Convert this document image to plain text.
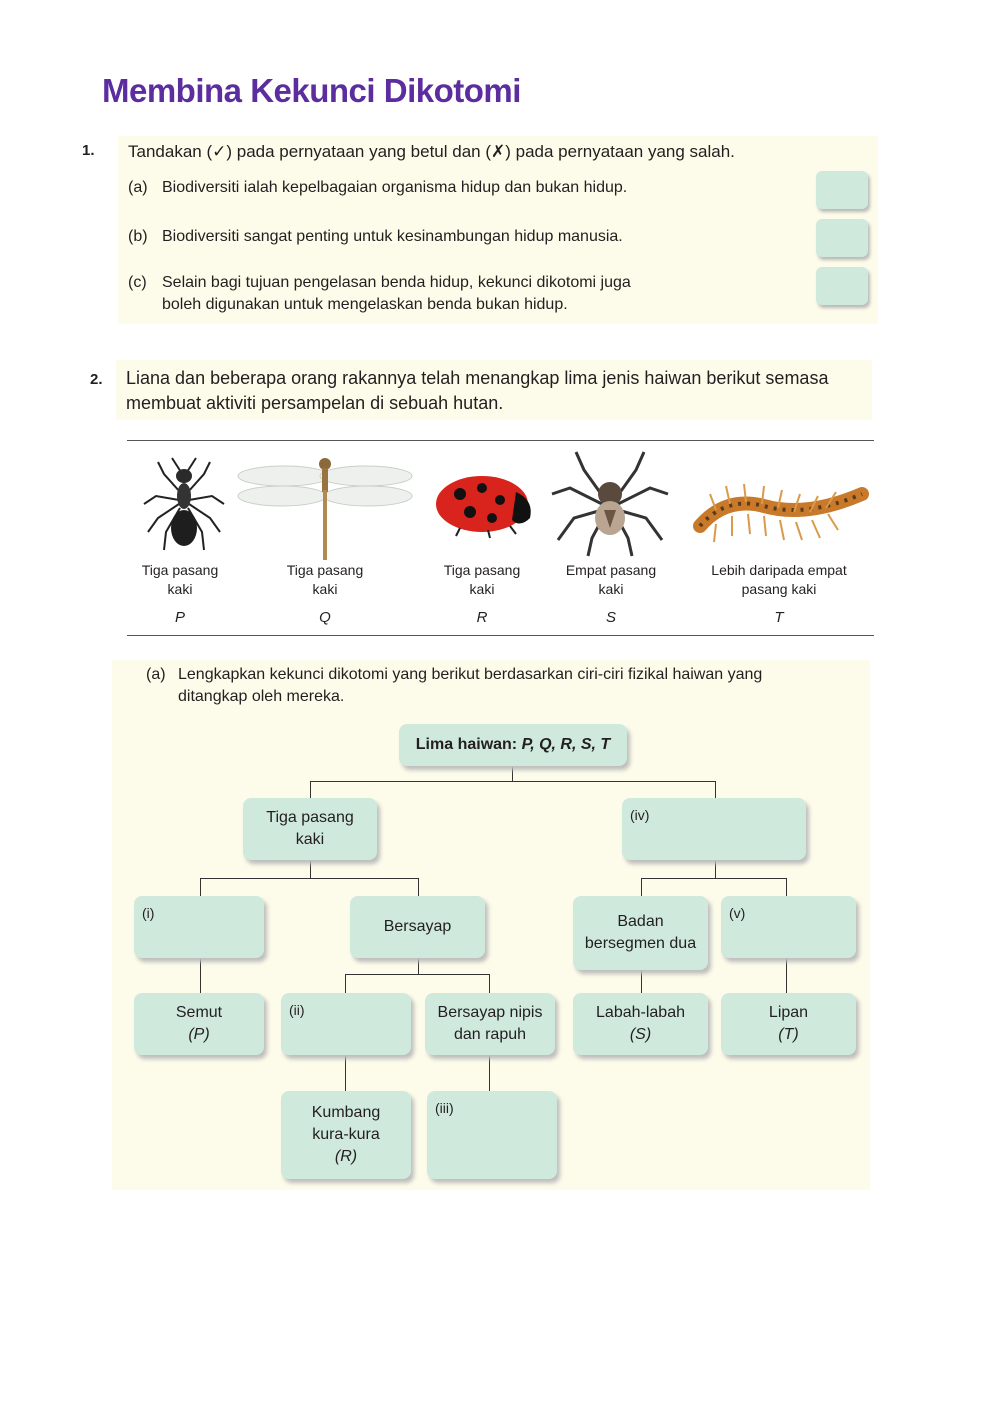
Membina Kekunci Dikotomi
1. Tandakan (✓) pada pernyataan yang betul dan (✗) pada pernyataan yang salah.
(a) Biodiversiti ialah kepelbagaian organisma hidup dan bukan hidup.
(b) Biodiversiti sangat penting untuk kesinambungan hidup manusia.
(c) Selain bagi tujuan pengelasan benda hidup, kekunci dikotomi juga
boleh digunakan untuk mengelaskan benda bukan hidup.
2. Liana dan beberapa orang rakannya telah menangkap lima jenis haiwan berikut semasa
membuat aktiviti persampelan di sebuah hutan.
Tiga pasang
kaki
P
Tiga pasang
kaki
Q
Tiga pasang
kaki
R
Empat pasang
kaki
S
Lebih daripada empat
pasang kaki
T
(a) Lengkapkan kekunci dikotomi yang berikut berdasarkan ciri-ciri fizikal haiwan yang
ditangkap oleh mereka.
Lima haiwan: P, Q, R, S, T
Tiga pasang
kaki
(iv)
(i)
Bersayap	Badan
bersegmen dua
(v)
Semut
(P)
(ii)	Bersayap nipis
dan rapuh
Labah-labah
(S)
Lipan
(T)
Kumbang
kura-kura
(R)
(iii)
